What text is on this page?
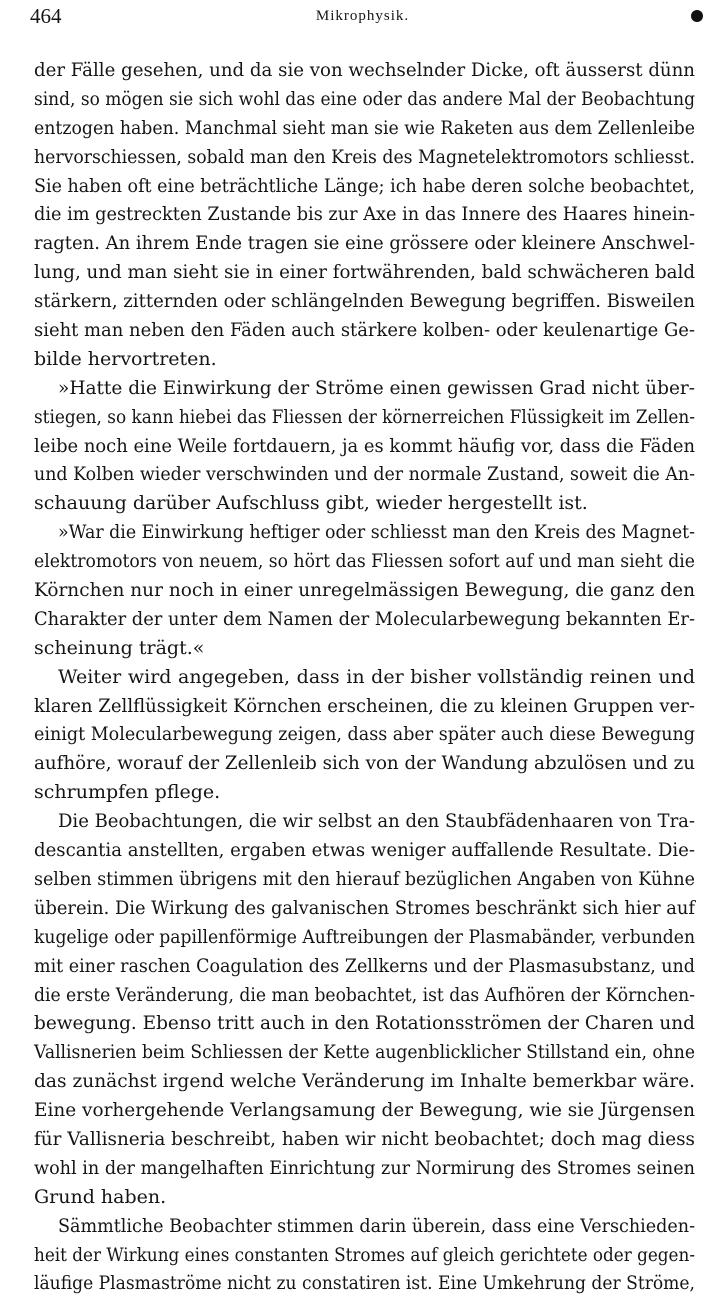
464	Mikrophysik.
der Fälle gesehen, und da sie von wechselnder Dicke, oft äusserst dünn
sind, so mögen sie sich wohl das eine oder das andere Mal der Beobachtung
entzogen haben. Manchmal sieht man sie wie Raketen aus dem Zellenleibe
hervorschiessen, sobald man den Kreis des Magnetelektromotors schliesst.
Sie haben oft eine beträchtliche Länge; ich habe deren solche beobachtet,
die im gestreckten Zustande bis zur Axe in das Innere des Haares hinein-
ragten. An ihrem Ende tragen sie eine grössere oder kleinere Anschwel-
lung, und man sieht sie in einer fortwährenden, bald schwächeren bald
stärkern, zitternden oder schlängelnden Bewegung begriffen. Bisweilen
sieht man neben den Fäden auch stärkere kolben- oder keulenartige Ge-
bilde hervortreten.
»Hatte die Einwirkung der Ströme einen gewissen Grad nicht über-
stiegen, so kann hiebei das Fliessen der körnerreichen Flüssigkeit im Zellen-
leibe noch eine Weile fortdauern, ja es kommt häufig vor, dass die Fäden
und Kolben wieder verschwinden und der normale Zustand, soweit die An-
schauung darüber Aufschluss gibt, wieder hergestellt ist.
»War die Einwirkung heftiger oder schliesst man den Kreis des Magnet-
elektromotors von neuem, so hört das Fliessen sofort auf und man sieht die
Körnchen nur noch in einer unregelmässigen Bewegung, die ganz den
Charakter der unter dem Namen der Molecularbewegung bekannten Er-
scheinung trägt.«
Weiter wird angegeben, dass in der bisher vollständig reinen und
klaren Zellflüssigkeit Körnchen erscheinen, die zu kleinen Gruppen ver-
einigt Molecularbewegung zeigen, dass aber später auch diese Bewegung
aufhöre, worauf der Zellenleib sich von der Wandung abzulösen und zu
schrumpfen pflege.
Die Beobachtungen, die wir selbst an den Staubfädenhaaren von Tra-
descantia anstellten, ergaben etwas weniger auffallende Resultate. Die-
selben stimmen übrigens mit den hierauf bezüglichen Angaben von Kühne
überein. Die Wirkung des galvanischen Stromes beschränkt sich hier auf
kugelige oder papillenförmige Auftreibungen der Plasmabänder, verbunden
mit einer raschen Coagulation des Zellkerns und der Plasmasubstanz, und
die erste Veränderung, die man beobachtet, ist das Aufhören der Körnchen-
bewegung. Ebenso tritt auch in den Rotationsströmen der Charen und
Vallisnerien beim Schliessen der Kette augenblicklicher Stillstand ein, ohne
das zunächst irgend welche Veränderung im Inhalte bemerkbar wäre.
Eine vorhergehende Verlangsamung der Bewegung, wie sie Jürgensen
für Vallisneria beschreibt, haben wir nicht beobachtet; doch mag diess
wohl in der mangelhaften Einrichtung zur Normirung des Stromes seinen
Grund haben.
Sämmtliche Beobachter stimmen darin überein, dass eine Verschieden-
heit der Wirkung eines constanten Stromes auf gleich gerichtete oder gegen-
läufige Plasmaströme nicht zu constatiren ist. Eine Umkehrung der Ströme,
